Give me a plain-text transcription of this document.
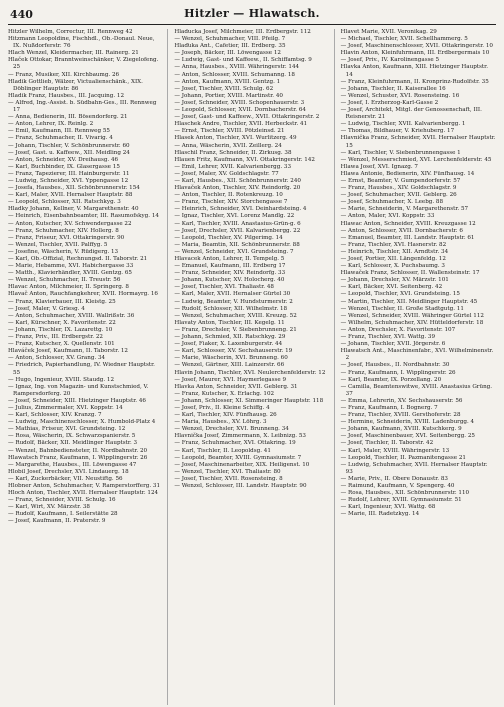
440	Hitzler — Hlawatsch.
Hitzler Wilhelm, Correctur, III. Rennweg 42
Hitzmann Leopoldine, Fischhdl., Ob.-Donaul. Neue, IX. Nußdorferstr. 76
Hlach Wenzel, Kleidermacher, III. Rainerg. 21
Hlaček Ottokar, Branntweinschänker, V. Ziegelofeng. 25
— Franz, Musiker, XII. Kirchbaumg. 26
Hladik Gottlieb, Wälzer, Victualienschänk., XIX. Döblinger Hauptstr. 86
Hladik Franz, Hausbes., III. Jacquing. 12
— Alfred, Ing.-Assist. b. Südbahn-Ges., III. Rennweg 17
— Anna, Bedienerin, III. Bösendorferg. 21
— Anton, Lehrer, IX. Reinlg. 2
— Emil, Kaufmann, III. Rennweg 55
— Franz, Schuhmacher, II. Vivarig. 4
— Johann, Tischler, V. Schönbrunnerstr. 60
— Josef, Gast. u. Kaffeew., XII. Meidling 24
— Anton, Schneider, XV. Dreihausg. 46
— Karl, Buchbinder, IX. Glasergasse 15
— Franz, Tapezierer, III. Hainburgerstr. 11
— Ludwig, Schneider, XVI. Yppengasse 12
— Josefa, Hausbes., XII. Schönbrunnerstr. 154
— Karl, Maler, XVII. Hernalser Hauptstr. 88
— Leopold, Schlosser, XII. Ratschkyg. 3
Hladky Johann, Kellner, V. Margarethenstr. 40
— Heinrich, Eisenbahnbeamter, III. Rasumofskyg. 14
— Anton, Kutscher, XV. Schwendergasse 22
— Franz, Schuhmacher, XIV. Hollerg. 8
— Franz, Friseur, XVI. Ottakringerstr. 90
— Wenzel, Tischler, XVII. Palffyg. 5
— Josefine, Wäscherin, V. Rüdigerg. 13
— Karl, Ob.-Offizial, Rechnungsd. II. Taborstr. 21
— Marie, Hebamme, XVI. Habichergasse 33
— Matth., Klavierhändler, XVIII. Gentzg. 65
— Wenzel, Schuhmacher, II. Treustr. 56
Hlavac Anton, Milchmeier, II. Springerg. 8
Hlavač Anton, Rauchfangkehrer, XVII. Hormayrg. 16
— Franz, Klavierbauer, III. Kleistg. 25
— Josef, Maler, V. Griesg. 4
— Anton, Schuhmacher, XVIII. Wallrißstr. 36
— Karl, Kürschner, X. Favoritenstr. 22
— Johann, Tischler, IX. Lazarettg. 10
— Franz, Priv., III. Erdbergstr. 22
— Franz, Kutscher, X. Quellenstr. 101
Hlaváček Josef, Kaufmann, II. Taborstr. 12
— Anton, Schlosser, XV. Grang. 34
— Friedrich, Papierhandlung, IV. Wiedner Hauptstr. 55
— Hugo, Ingenieur, XVIII. Staudg. 12
— Ignaz, Ing. von Magazin- und Kunstschmied, V. Rampersdorferg. 20
— Josef, Schneider, XIII. Hietzinger Hauptstr. 46
— Julius, Zimmermaler, XVI. Koppstr. 14
— Karl, Schlosser, XIV. Kranzg. 7
— Ludwig, Maschinenschlosser, X. Humbold-Platz 4
— Mathias, Friseur, XVI. Grundsteing. 12
— Rosa, Wäscherin, IX. Schwarzspanierstr. 5
— Rudolf, Bäcker, XII. Meidlinger Hauptstr. 3
— Wenzel, Bahnbediensteter, II. Nordbahnstr. 20
Hlawatsch Franz, Kaufmann, I. Wipplingerstr. 26
— Margarethe, Hausbes., III. Löwengasse 47
Hlobil Josef, Drechsler, XVI. Lindauerg. 18
— Karl, Zuckerbäcker, VII. Neustiftg. 56
Hlobner Anton, Schuhmacher, V. Ramperstorfferg. 31
Hloch Anton, Tischler, XVII. Hernalser Hauptstr. 124
— Franz, Schneider, XVIII. Schulg. 16
— Karl, Wirt, XV. Märzstr. 38
— Rudolf, Kaufmann, I. Seilerstätte 28
— Josef, Kaufmann, II. Praterstr. 9
Hladucka Josef, Milchmeier, III. Erdbergstr. 112
— Wenzel, Schuhmacher, VIII. Pfeilg. 7
Hlaďuka Ant., Cafetier, III. Erdberg. 35
— Joseph, Bäcker, III. Löwengasse 12
— Ludwig, Gast- und Kaffeew., II. Schiffamtsg. 9
— Anna, Hausbes., XVIII. Währingerstr. 144
— Anton, Schlosser, XVIII. Schumanng. 18
— Anton, Kaufmann, XVIII. Gentzg. 1
— Josef, Tischler, XVIII. Schulg. 62
— Johann, Portier, XVIII. Martinstr. 40
— Josef, Schneider, XVIII. Schopenhauerstr. 3
— Leopold, Schlosser, XVII. Dornbacherstr. 64
— Josef, Gast- und Kaffeew., XVII. Ottakringerstr. 2
Hlaschek Andre, Tischler, XVII. Herbeckstr. 41
— Ernst, Tischler, XVIII. Pötzleinsd. 21
Hlasek Anton, Tischler, XVI. Wurlitzerg. 49
— Anna, Wäscherin, XVII. Zeillerg. 24
Hlaschil Franz, Schneider, II. Zirkusg. 38
Hlauen Fritz, Kaufmann, XVI. Ottakringerstr. 142
— Emil, Lehrer, XVII. Kalvarienbergg. 33
— Josef, Maler, XV. Goldschlagstr. 77
— Karl, Hausbes., XII. Schönbrunnerstr. 240
Hlavaček Anton, Tischler, XIV. Reindorfg. 20
— Anton, Tischler, II. Rotenkreuzg. 10
— Franz, Tischler, XIV. Storchengasse 7
— Heinrich, Schneider, XVI. Deinhardsteing. 4
— Ignaz, Tischler, XVI. Lorenz Mandlg. 22
— Karl, Tischler, XVIII. Anastasius-Grün-g. 6
— Josef, Drechsler, XVII. Kalvarienbergg. 22
— Leopold, Tischler, XV. Pilgerimg. 14
— Maria, Beamtin, XII. Schönbrunnerstr. 88
— Wenzel, Schneider, XVI. Grundsteing. 7
Hlavacek Anton, Lehrer, II. Tempelg. 5
— Emanuel, Kaufmann, III. Erdberg 17
— Franz, Schneider, XIV. Reindorfg. 33
— Johann, Kutscher, XV. Holocherg. 40
— Josef, Tischler, XVI. Thaliastr. 48
— Karl, Maler, XVII. Hernalser Gürtel 30
— Ludwig, Beamter, V. Hundsturmerstr. 2
— Rudolf, Schlosser, XII. Wilhelmstr. 18
— Wenzel, Schuhmacher, XVIII. Kreuzg. 52
Hlavaty Anton, Tischler, III. Kegelg. 11
— Franz, Drechsler, V. Siebenbrunneng. 21
— Johann, Schmied, XII. Ratschkyg. 29
— Josef, Fiaker, X. Laxenburgerstr. 44
— Karl, Schlosser, XV. Sechshauserstr. 19
— Marie, Wäscherin, XVI. Brunneng. 60
— Wenzel, Gärtner, XIII. Lainzerstr. 66
Hlavin Johann, Tischler, XVI. Neulerchenfelderstr. 12
— Josef, Maurer, XVI. Haymerlegasse 9
Hlavka Anton, Schneider, XVII. Geblerg. 31
— Franz, Kutscher, X. Erlachg. 102
— Johann, Schlosser, XI. Simmeringer Hauptstr. 118
— Josef, Priv., II. Kleine Schiffg. 4
— Karl, Tischler, XIV. Fünfhausg. 26
— Maria, Hausbes., XV. Löhrg. 3
— Wenzel, Drechsler, XVI. Brunneng. 34
Hlavnička Josef, Zimmermann, X. Leibnizg. 53
— Franz, Schuhmacher, XVI. Ottakring. 19
— Karl, Tischler, II. Leopoldsg. 41
— Leopold, Beamter, XVIII. Gymnasiumstr. 7
— Josef, Maschinenarbeiter, XIX. Heiligenst. 10
— Wenzel, Tischler, XVI. Thaliastr. 80
— Josef, Tischler, XVII. Rosensteing. 8
— Wenzel, Schlosser, III. Landstr. Hauptstr. 90
Hlavet Marie, XVII. Veronikag. 29
— Michael, Tischler, XVII. Schellhammerg. 5
— Josef, Maschinenschlosser, XVII. Ottakringerstr. 10
Hlavin Anton, Kleinfuhrmann, III. Erdbergermais 10
— Josef, Priv., IV. Karolinengasse 5
Hlavka Anton, Kaufmann, XIII. Hietzinger Hauptstr. 14
— Franz, Kleinfuhrmann, II. Kronprinz-Rudolfstr. 35
— Johann, Tischler, II. Kaiserallee 16
— Wenzel, Schuster, XVI. Rosensteing. 16
— Josef, I. Erzherzog-Karl-Gasse 2
— Josef, Architekt, Mitgl. der Genossenschaft, III. Reisnerstr. 21
— Ludwig, Tischler, XVII. Kalvarienbergg. 1
— Thomas, Bildhauer, V. Kriehuberg. 17
Hlavnička Franz, Schneider, XVII. Hernalser Hauptstr. 15
— Karl, Tischler, V. Siebenbrunnengasse 1
— Wenzel, Messerschmied, XVI. Lerchenfelderstr. 45
Hlawa Josef, XVI. Ignazg. 7
Hlawa Antonie, Bedienerin, XIV. Fünfhausg. 14
— Ernst, Beamter, V. Gumpendorferstr. 57
— Franz, Hausbes., XIV. Goldschlagstr. 9
— Josef, Schuhmacher, XVII. Geblerg. 26
— Josef, Schuhmacher, X. Leebg. 88
— Marie, Schneiderin, V. Margarethenstr. 57
— Anton, Maler, XVI. Koppstr. 33
Hlawac Anton, Schneider, XVIII. Kreuzgasse 12
— Anton, Schlosser, XVII. Dornbacherstr. 6
— Emanuel, Beamter, III. Landstr. Hauptstr. 61
— Franz, Tischler, XVI. Hasnerstr. 82
— Heinrich, Tischler, XII. Arndtstr. 34
— Josef, Portier, XII. Längenfeldg. 12
— Karl, Schlosser, X. Puchsbaumg. 3
Hlawaček Franz, Schlosser, II. Wallensteinstr. 17
— Johann, Drechsler, XV. Märzstr. 101
— Karl, Bäcker, XVI. Seitenberg. 42
— Leopold, Tischler, XVI. Grundsteing. 15
— Martin, Tischler, XII. Meidlinger Hauptstr. 45
— Wenzel, Tischler, II. Große Stadtgutg. 11
— Wenzel, Schneider, XVIII. Währinger Gürtel 112
— Wilhelm, Schuhmacher, XIV. Hütteldorferstr. 18
— Anton, Drechsler, X. Favoritenstr. 107
— Franz, Tischler, XVI. Wattg. 39
— Johann, Tischler, XVII. Jörgerstr. 6
Hlawatsch Ant., Maschinenfabr., XVI. Wilhelminenstr. 2
— Josef, Hausbes., II. Nordbahnstr. 30
— Franz, Kaufmann, I. Wipplingerstr. 26
— Karl, Beamter, IX. Porzellang. 20
— Camilla, Beamtenswitwe, XVIII. Anastasius Grüng. 37
— Emma, Lehrerin, XV. Sechshauserstr. 56
— Franz, Kaufmann, I. Bognerg. 7
— Franz, Tischler, XVIII. Gersthoferstr. 28
— Hermine, Schneiderin, XVIII. Ladenburgg. 4
— Johann, Kaufmann, XVIII. Kutschkerg. 9
— Josef, Maschinenbauer, XVI. Seitenbergg. 25
— Josef, Tischler, II. Taborstr. 42
— Karl, Maler, XVIII. Währingerstr. 13
— Leopold, Tischler, II. Pazmanitengasse 21
— Ludwig, Schuhmacher, XVII. Hernalser Hauptstr. 93
— Marie, Priv., II. Obere Donaustr. 83
— Raimund, Kaufmann, V. Spengerg. 40
— Rosa, Hausbes., XII. Schönbrunnerstr. 110
— Rudolf, Lehrer, XVIII. Gymnasiumstr. 51
— Karl, Ingenieur, XVI. Wattg. 68
— Marie, III. Radetzkyg. 14
